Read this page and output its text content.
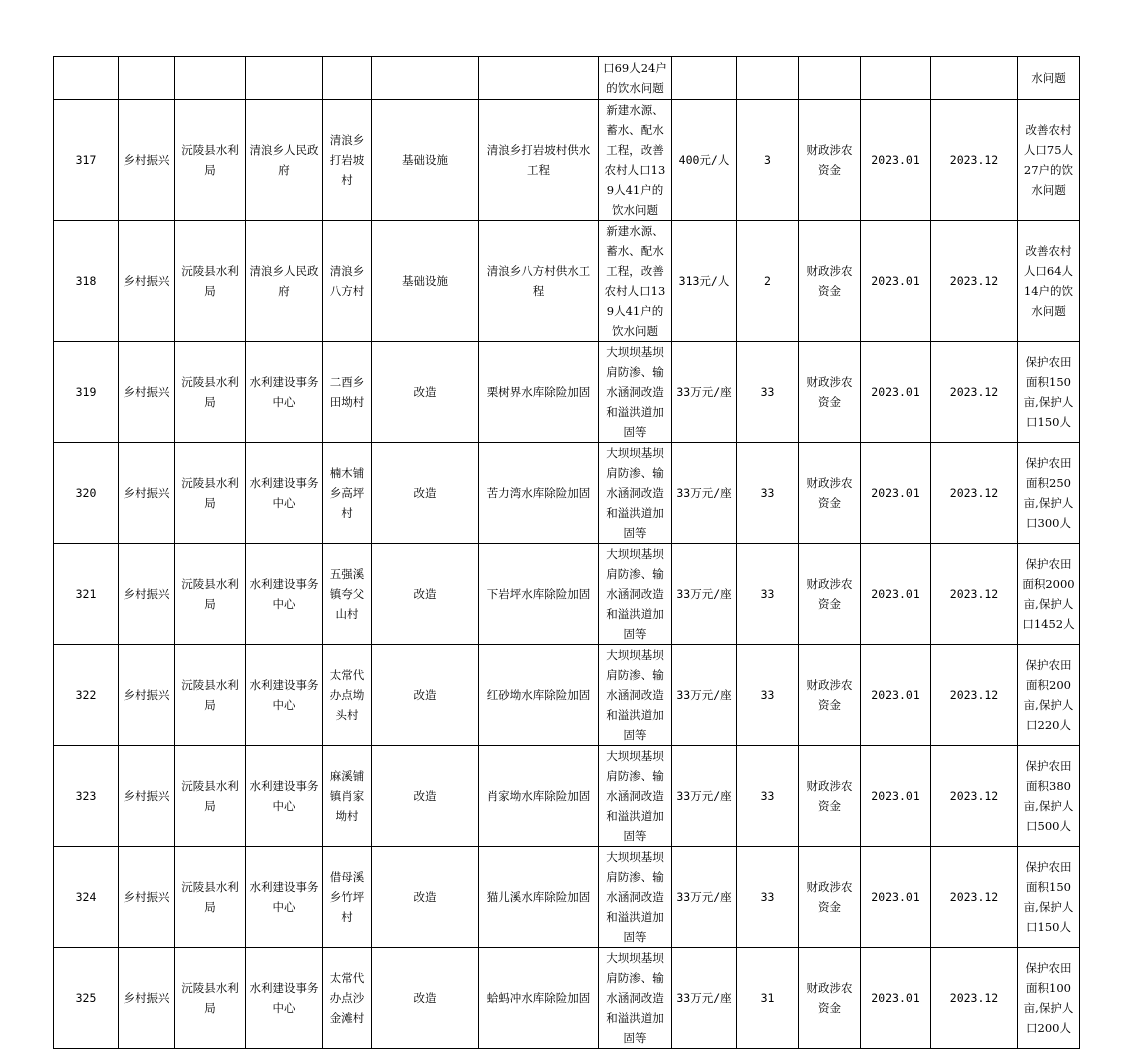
							口69人24户的饮水问题						水问题	
317	乡村振兴	沅陵县水利局	清浪乡人民政府	清浪乡打岩坡村	基础设施	清浪乡打岩坡村供水工程	新建水源、蓄水、配水工程，改善农村人口139人41户的饮水问题	400元/人	3	财政涉农资金	2023.01	2023.12	改善农村人口75人27户的饮水问题	
318	乡村振兴	沅陵县水利局	清浪乡人民政府	清浪乡八方村	基础设施	清浪乡八方村供水工程	新建水源、蓄水、配水工程，改善农村人口139人41户的饮水问题	313元/人	2	财政涉农资金	2023.01	2023.12	改善农村人口64人14户的饮水问题	
319	乡村振兴	沅陵县水利局	水利建设事务中心	二酉乡田坳村	改造	栗树界水库除险加固	大坝坝基坝肩防渗、输水涵洞改造和溢洪道加固等	33万元/座	33	财政涉农资金	2023.01	2023.12	保护农田面积150亩,保护人口150人	
320	乡村振兴	沅陵县水利局	水利建设事务中心	楠木铺乡高坪村	改造	苦力湾水库除险加固	大坝坝基坝肩防渗、输水涵洞改造和溢洪道加固等	33万元/座	33	财政涉农资金	2023.01	2023.12	保护农田面积250亩,保护人口300人	
321	乡村振兴	沅陵县水利局	水利建设事务中心	五强溪镇夸父山村	改造	下岩坪水库除险加固	大坝坝基坝肩防渗、输水涵洞改造和溢洪道加固等	33万元/座	33	财政涉农资金	2023.01	2023.12	保护农田面积2000亩,保护人口1452人	
322	乡村振兴	沅陵县水利局	水利建设事务中心	太常代办点坳头村	改造	红砂坳水库除险加固	大坝坝基坝肩防渗、输水涵洞改造和溢洪道加固等	33万元/座	33	财政涉农资金	2023.01	2023.12	保护农田面积200亩,保护人口220人	
323	乡村振兴	沅陵县水利局	水利建设事务中心	麻溪铺镇肖家坳村	改造	肖家坳水库除险加固	大坝坝基坝肩防渗、输水涵洞改造和溢洪道加固等	33万元/座	33	财政涉农资金	2023.01	2023.12	保护农田面积380亩,保护人口500人	
324	乡村振兴	沅陵县水利局	水利建设事务中心	借母溪乡竹坪村	改造	猫儿溪水库除险加固	大坝坝基坝肩防渗、输水涵洞改造和溢洪道加固等	33万元/座	33	财政涉农资金	2023.01	2023.12	保护农田面积150亩,保护人口150人	
325	乡村振兴	沅陵县水利局	水利建设事务中心	太常代办点沙金滩村	改造	蛤蚂冲水库除险加固	大坝坝基坝肩防渗、输水涵洞改造和溢洪道加固等	33万元/座	31	财政涉农资金	2023.01	2023.12	保护农田面积100亩,保护人口200人	
